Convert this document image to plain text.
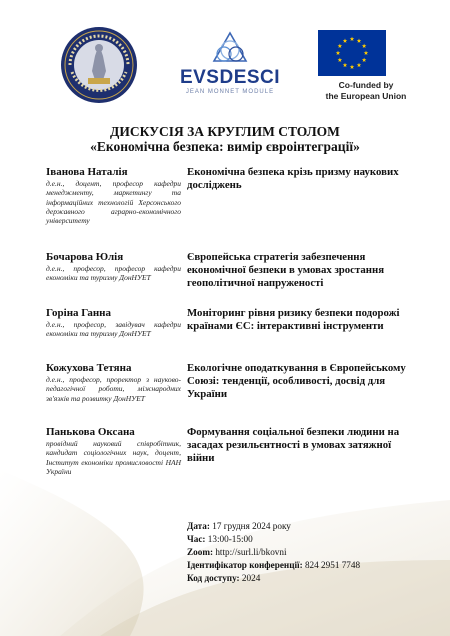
EVSDESCI
JEAN MONNET MODULE
Co-funded by
the European Union
ДИСКУСІЯ ЗА КРУГЛИМ СТОЛОМ
«Економічна безпека: вимір євроінтеграції»
Іванова Наталія
д.е.н., доцент, професор кафедри менеджменту, маркетингу та інформаційних технологій Херсонського державного аграрно-економічного університету
Економічна безпека крізь призму наукових досліджень
Бочарова Юлія
д.е.н., професор, професор кафедри економіки та туризму ДонНУЕТ
Європейська стратегія забезпечення економічної безпеки в умовах зростання геополітичної напруженості
Горіна Ганна
д.е.н., професор, завідувач кафедри економіки та туризму ДонНУЕТ
Моніторинг рівня ризику безпеки подорожі країнами ЄС: інтерактивні інструменти
Кожухова Тетяна
д.е.н., професор, проректор з науково-педагогічної роботи, міжнародних зв'язків та розвитку ДонНУЕТ
Екологічне оподаткування в Європейському Союзі: тенденції, особливості, досвід для України
Панькова Оксана
провідний науковий співробітник, кандидат соціологічних наук, доцент, Інститут економіки промисловості НАН України
Формування соціальної безпеки людини на засадах резильєнтності в умовах затяжної війни
Дата: 17 грудня 2024 року
Час: 13:00-15:00
Zoom: http://surl.li/bkovni
Ідентифікатор конференції: 824 2951 7748
Код доступу: 2024
